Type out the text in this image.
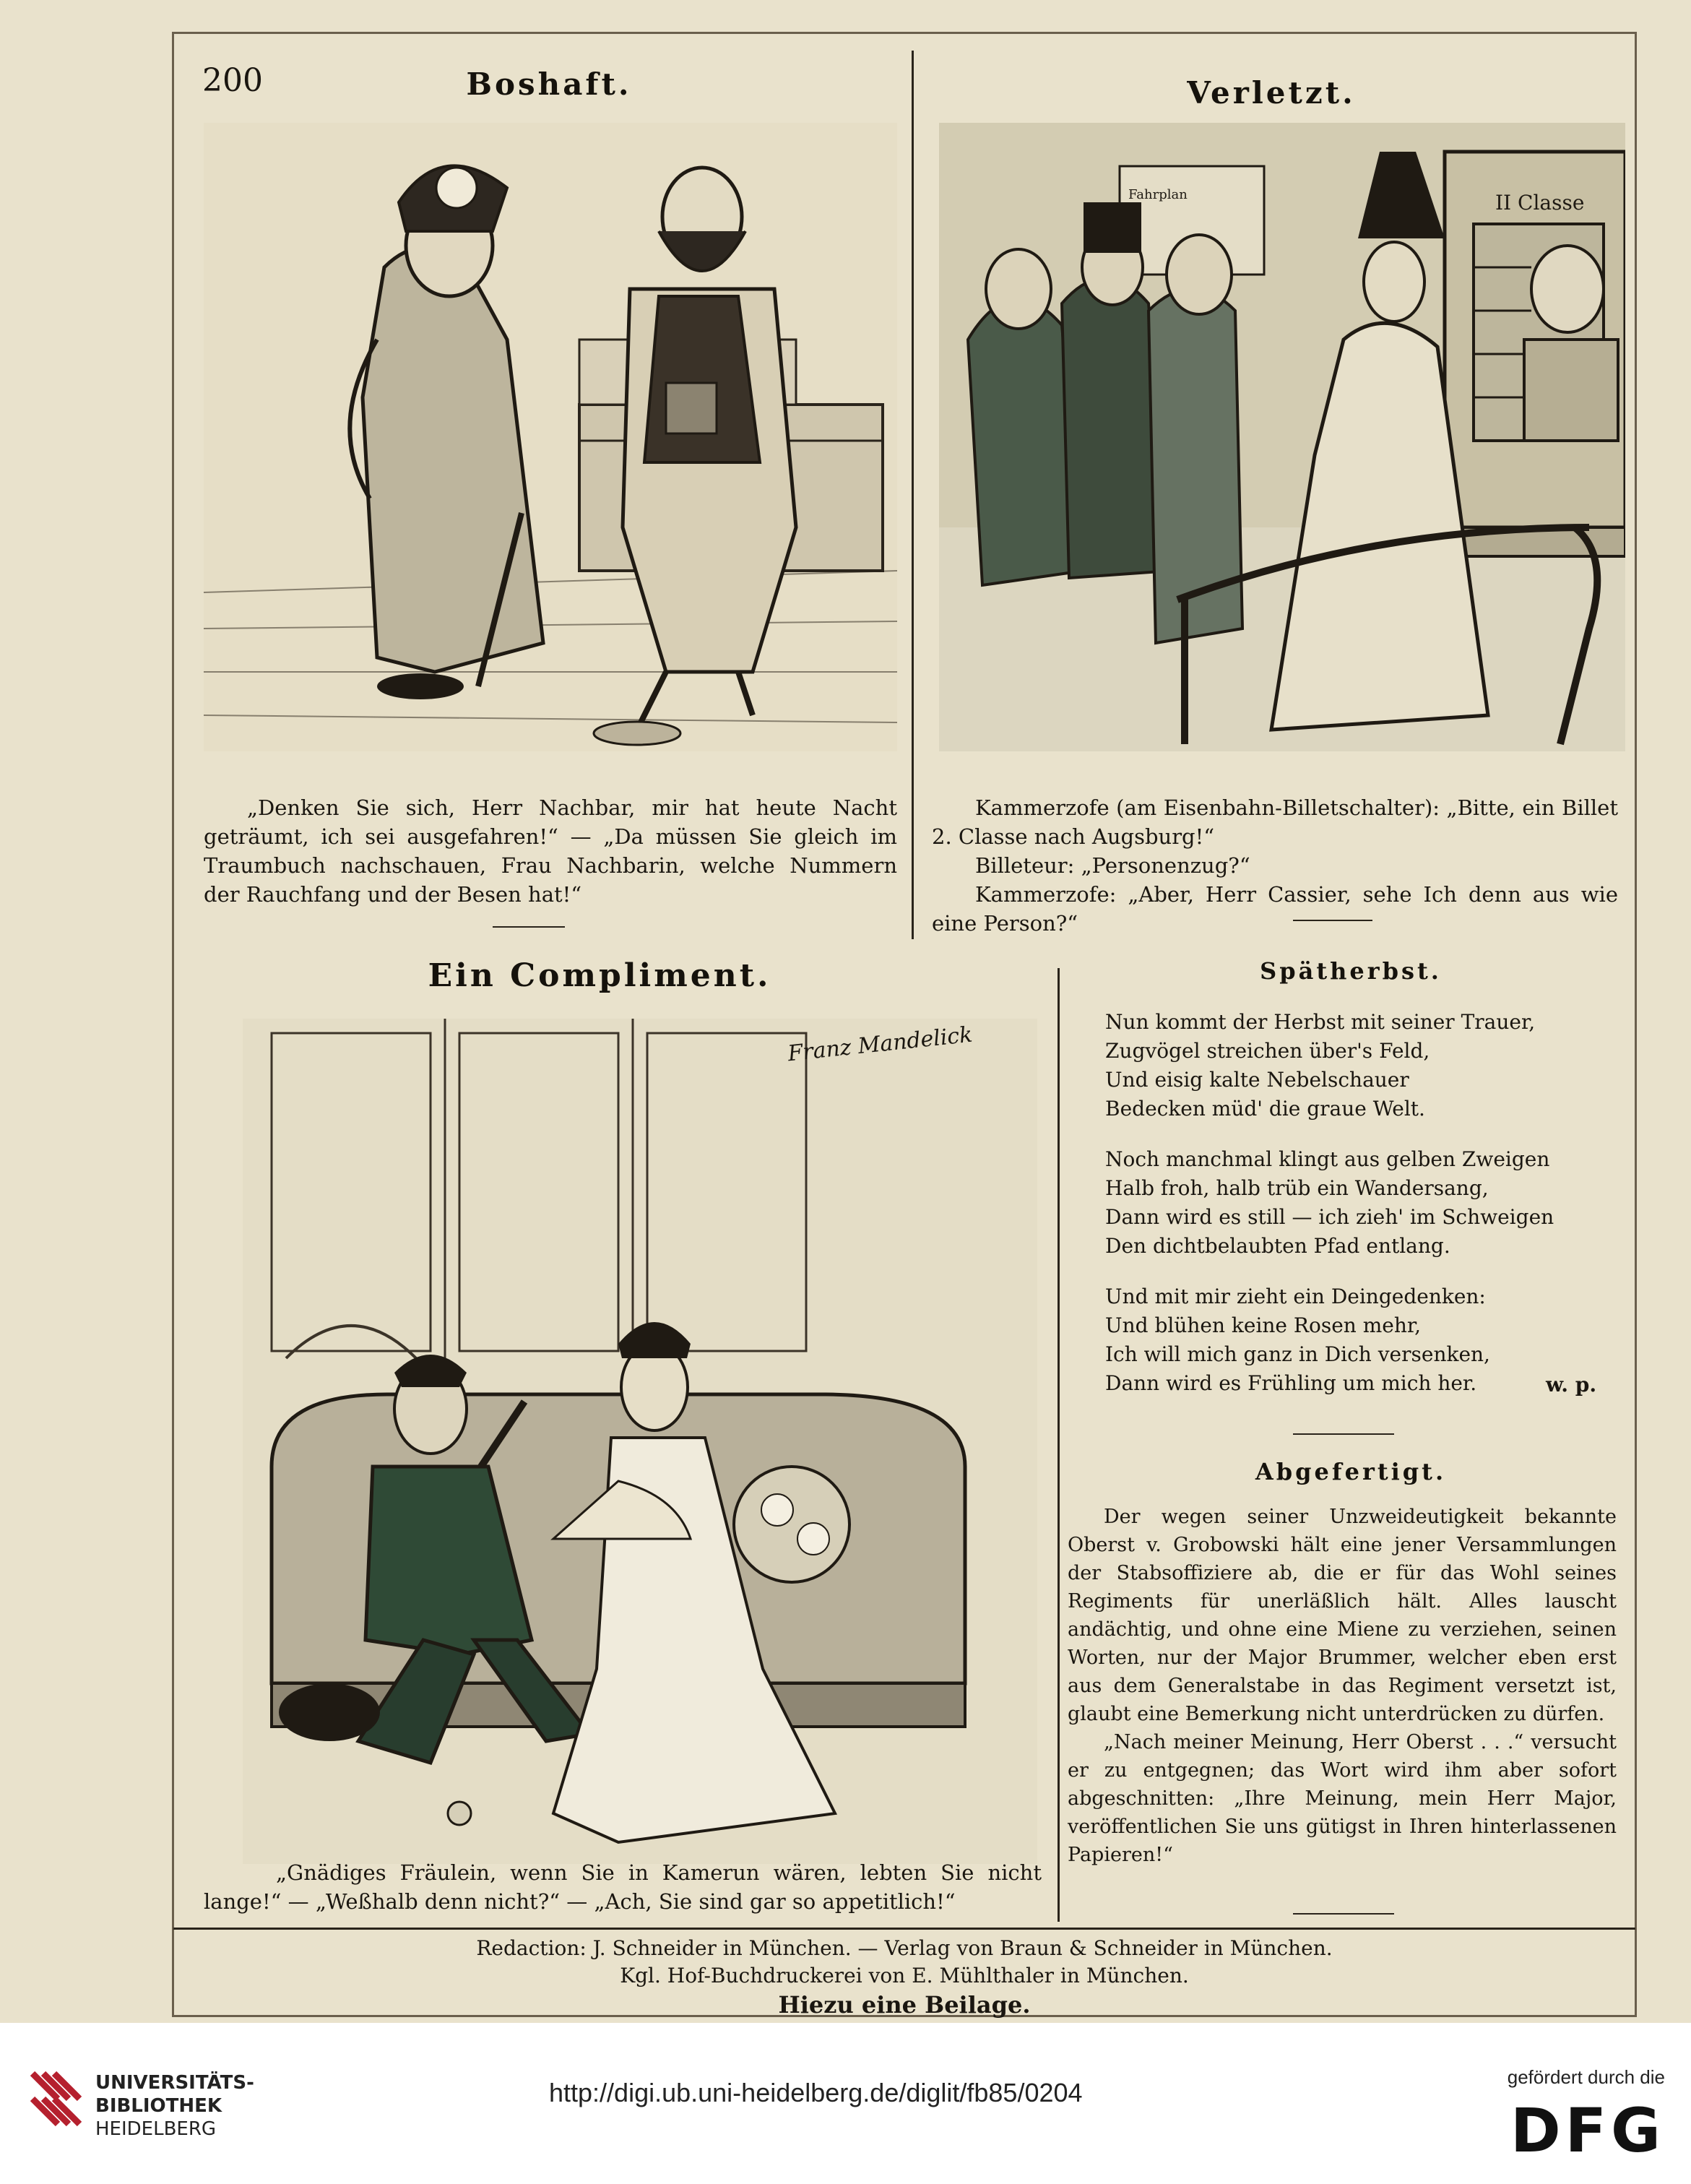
200	Boshaft.
„Denken Sie sich, Herr Nachbar, mir hat heute Nacht geträumt, ich sei ausgefahren!“ — „Da müssen Sie gleich im Traumbuch nachschauen, Frau Nachbarin, welche Nummern der Rauchfang und der Besen hat!“
Verletzt.
II Classe
Fahrplan
Kammerzofe (am Eisenbahn-Billetschalter): „Bitte, ein Billet 2. Classe nach Augsburg!“
Billeteur: „Personenzug?“
Kammerzofe: „Aber, Herr Cassier, sehe Ich denn aus wie eine Person?“
Ein Compliment.
Franz Mandelick
„Gnädiges Fräulein, wenn Sie in Kamerun wären, lebten Sie nicht lange!“ — „Weßhalb denn nicht?“ — „Ach, Sie sind gar so appetitlich!“
Spätherbst.
Nun kommt der Herbst mit seiner Trauer,
Zugvögel streichen über's Feld,
Und eisig kalte Nebelschauer
Bedecken müd' die graue Welt.
Noch manchmal klingt aus gelben Zweigen
Halb froh, halb trüb ein Wandersang,
Dann wird es still — ich zieh' im Schweigen
Den dichtbelaubten Pfad entlang.
Und mit mir zieht ein Deingedenken:
Und blühen keine Rosen mehr,
Ich will mich ganz in Dich versenken,
Dann wird es Frühling um mich her.	w. p.
Abgefertigt.
Der wegen seiner Unzweideutigkeit bekannte Oberst v. Grobowski hält eine jener Versammlungen der Stabsoffiziere ab, die er für das Wohl seines Regiments für unerläßlich hält. Alles lauscht andächtig, und ohne eine Miene zu verziehen, seinen Worten, nur der Major Brummer, welcher eben erst aus dem Generalstabe in das Regiment versetzt ist, glaubt eine Bemerkung nicht unterdrücken zu dürfen.
„Nach meiner Meinung, Herr Oberst . . .“ versucht er zu entgegnen; das Wort wird ihm aber sofort abgeschnitten: „Ihre Meinung, mein Herr Major, veröffentlichen Sie uns gütigst in Ihren hinterlassenen Papieren!“
Redaction: J. Schneider in München. — Verlag von Braun & Schneider in München.
Kgl. Hof-Buchdruckerei von E. Mühlthaler in München.
Hiezu eine Beilage.
UNIVERSITÄTS-
BIBLIOTHEK
HEIDELBERG
http://digi.ub.uni-heidelberg.de/diglit/fb85/0204
gefördert durch die
DFG
